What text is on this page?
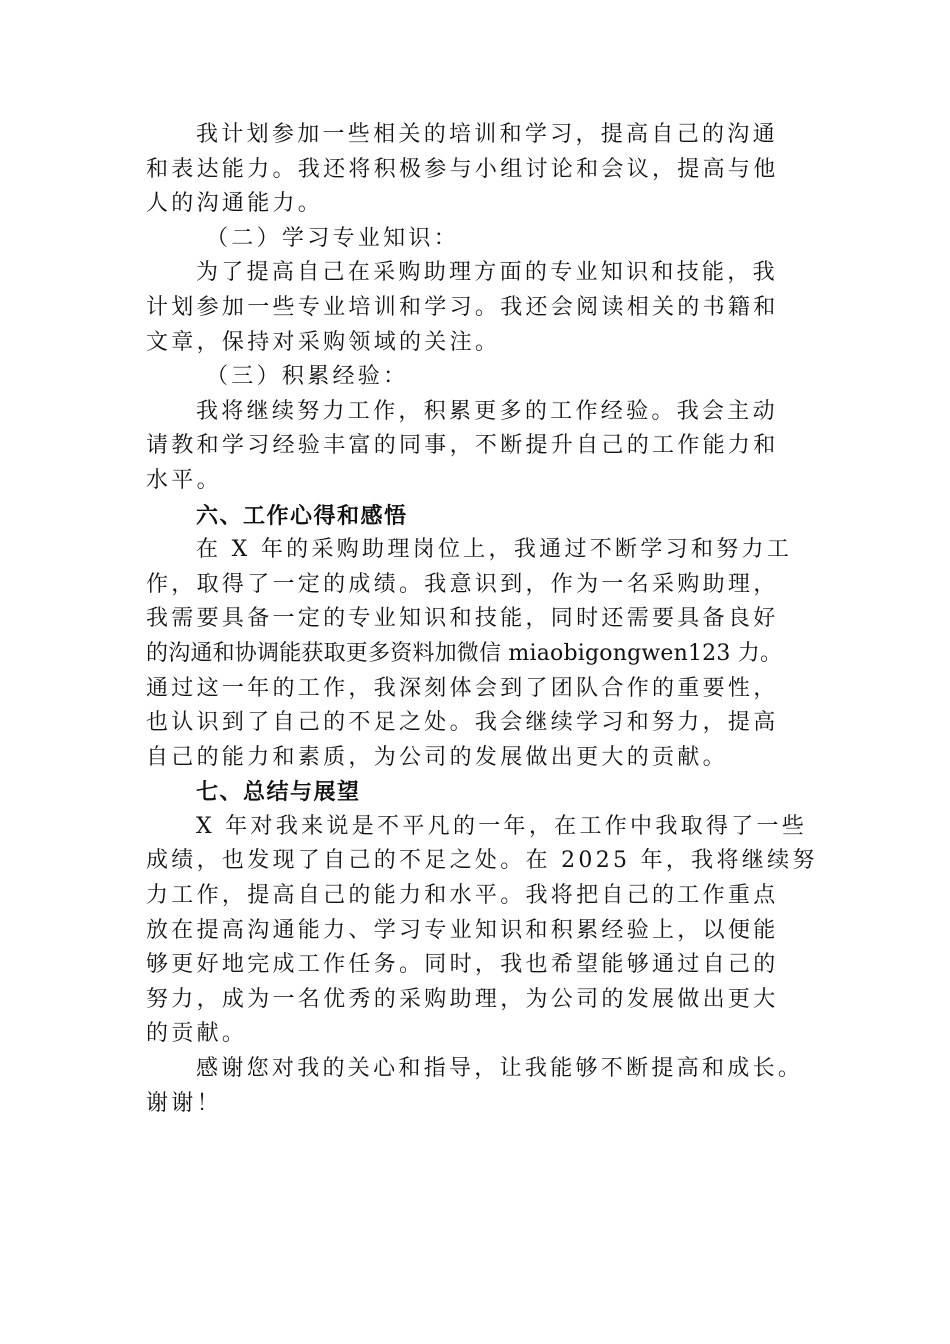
我计划参加一些相关的培训和学习，提高自己的沟通
和表达能力。我还将积极参与小组讨论和会议，提高与他
人的沟通能力。
（二）学习专业知识：
为了提高自己在采购助理方面的专业知识和技能，我
计划参加一些专业培训和学习。我还会阅读相关的书籍和
文章，保持对采购领域的关注。
（三）积累经验：
我将继续努力工作，积累更多的工作经验。我会主动
请教和学习经验丰富的同事，不断提升自己的工作能力和
水平。
六、工作心得和感悟
在 X 年的采购助理岗位上，我通过不断学习和努力工
作，取得了一定的成绩。我意识到，作为一名采购助理，
我需要具备一定的专业知识和技能，同时还需要具备良好
的沟通和协调能获取更多资料加微信 miaobigongwen123 力。
通过这一年的工作，我深刻体会到了团队合作的重要性，
也认识到了自己的不足之处。我会继续学习和努力，提高
自己的能力和素质，为公司的发展做出更大的贡献。
七、总结与展望
X 年对我来说是不平凡的一年，在工作中我取得了一些
成绩，也发现了自己的不足之处。在 2025 年，我将继续努
力工作，提高自己的能力和水平。我将把自己的工作重点
放在提高沟通能力、学习专业知识和积累经验上，以便能
够更好地完成工作任务。同时，我也希望能够通过自己的
努力，成为一名优秀的采购助理，为公司的发展做出更大
的贡献。
感谢您对我的关心和指导，让我能够不断提高和成长。
谢谢！
